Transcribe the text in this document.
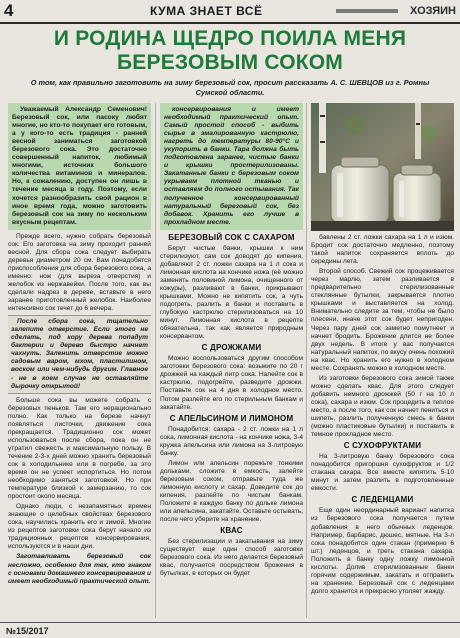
4	КУМА ЗНАЕТ ВСЁ	ХОЗЯИН
И РОДИНА ЩЕДРО ПОИЛА МЕНЯ
БЕРЕЗОВЫМ СОКОМ
О том, как правильно заготовить на зиму березовый сок, просит рассказать А. С. ШЕВЦОВ из г. Ромны Сумской области.

Уважаемый Александр Семенович! Березовый сок, или пасоку любят многие, но кто-то покупает его готовым, а у кого-то есть традиция - ранней весной заниматься заготовкой березового сока. Это достаточно совершенный напиток, любимый многими, источник большого количества витаминов и минералов. Но, к сожалению, доступен он лишь в течение месяца в году. Поэтому, если хочется разнообразить свой рацион в иное время года, можно заготовить березовый сок на зиму по нескольким вкусным рецептам.

Прежде всего, нужно собрать березовый сок. Его заготовка на зиму проходит ранней весной. Для сбора сока следует выбирать деревья диаметром 20 см. Вам понадобятся приспособления для сбора березового сока, а именно: нож (для выреза отверстия) и желобок из нержавейки. После того, как вы сделали надрез в дереве, вставьте в него заранее приготовленный желобок. Наиболее интенсивно сок течет до 6 вечера.

После сбора сока, тщательно залепите отверстие. Если этого не сделать, под кору дерева попадут бактерии и дерево быстро начнет чахнуть. Заленить отверстие можно садовым варом, мхом, пластилином, воском или чем-нибудь другим. Главное - не в коем случае не оставляйте дырочку открытой!

Больше сока вы можете собрать с березовых пеньков. Там его нерационально полно. Как только на березе начнут появляться листочки, движение сока прекращается. Традиционно сок может использоваться после сбора, пока он не утратил свежесть и максимальную пользу. В течение 2-3-х дней можно хранить березовый сок в холодильнике или в погребе, за это время он не успеет испортиться. Но потом необходимо заняться заготовкой. Но при температуре близкой к замерзанию, то сок простоит около месяца.

Однако люди, с незапамятных времен знающие о целебных свойствах березового сока, научились хранить его и зимой. Многие из рецептов заготовки сока берут начало из традиционных рецептов консервирования, используются и в наши дни.

Заготавливать березовый сок несложно, особенно для тех, кто знаком с основами домашнего консервирования и имеет необходимый практический опыт.

консервирования и имеет необходимый практический опыт. Самый простой способ - выбить сырье в эмалированную кастрюлю, нагреть до температуры 80-90°С и укупорить в банки. Тара должна быть подготовлена заранее, чистые банки и крышки простерилизованы. Закатанные банки с березовым соком укрываем плотной тканью и оставляем до полного остывания. Так полученное консервированный натуральный березовый сок, без добавок. Хранить его лучше в прохладном месте.

БЕРЕЗОВЫЙ СОК С САХАРОМ

Берут чистые банки, крышки к ним стерилизуют, сам сок доводят до кипения, добавляют 2 ст. ложки сахара на 1 л сока и лимонная кислота на кончике ножа (её можно заменить половиной лимона, очищенного от кожуры), разливают в банки, прикрывают крышками. Можно не кипятить сок, а чуть подогреть, разлить в банки и поставить в глубокую кастрюлю стерилизоваться на 10 минут. Лимонная кислота в рецепте обязательна, так как является природным консервантом.

С ДРОЖЖАМИ

Можно воспользоваться другим способом заготовки березового сока: возьмите по 20 г дрожжей на каждый литр сока. Налейте сок в кастрюлю, подогрейте, разведите дрожжи. Поставьте сок на 4 дня в холодное место. Потом разлейте его по стерильным банкам и закатайте.

С АПЕЛЬСИНОМ И ЛИМОНОМ

Понадобится: сахара - 2 ст. ложки на 1 л сока, лимонная кислота - на кончике ножа, 3-4 кружка апельсина или лимона на 3-литровую банку.

Лимон или апельсин порежьте тонкими дольками, сложите в емкость, залейте березовым соком, отправьте туда же лимонную кислоту и сахар. Доведите сок до кипения, разлейте по чистым банкам. Положите в каждую банку по дольке лимона или апельсина, закатайте. Оставьте остывать, после чего уберите на хранение.

КВАС

Без стерилизации и закатывания на зиму существует еще один способ заготовки березового сока. Из него делается березовый квас, получается посредством брожения в бутылках, в которых он будет

бавлены 2 ст. ложки сахара на 1 л и изюм. Бродит сок достаточно медленно, поэтому такой напиток сохраняется вплоть до середины лета.

Второй способ. Свежий сок процеживается через марлю, затем разливается в предварительно стерилизованные стеклянные бутылки, закрывается плотно крышками и выставляется на холод. Внимательно следите за тем, чтобы не было плесени, иначе этот сок будет непригоден. Через пару дней сок заметно помутнеет и начнет бродить. Брожение длится не более двух недель. В итоге у вас получается натуральный напиток, по вкусу очень похожий на квас. Но хранить его нужно в холодном месте. Сохранять можно в холодном месте.

Из заготовки березового сока зимой также можно сделать квас. Для этого следует добавить немного дрожжей (50 г на 10 л сока), сахара и изюм. Сок процедить в теплое место, а после того, как сок начнет пениться и шипеть, разлить полученную смесь в банки (можно пластиковые бутылки) и поставить в темное прохладное место.

С СУХОФРУКТАМИ

На 3-литровую банку березового сока понадобится пригоршня сухофруктов и 1/2 стакана сахара. Все вместе кипятить 5-10 минут и затем разлить в подготовленные емкости.

С ЛЕДЕНЦАМИ

Еще один неординарный вариант напитка из березового сока получается путем добавления в него обычных леденцов. Например, барбарис, дюшес, мятные. На 3-л сока понадобится один стакан (примерно 6 шт.) леденцов, и треть стакана сахара. Положить в банку одну ложку лимонной кислоты. Долив стерилизованные банки горячим содержимым, закатать и отправить на хранение. Березовый сок с леденцами долго хранится и прекрасно утоляет жажду.

№15/2017
